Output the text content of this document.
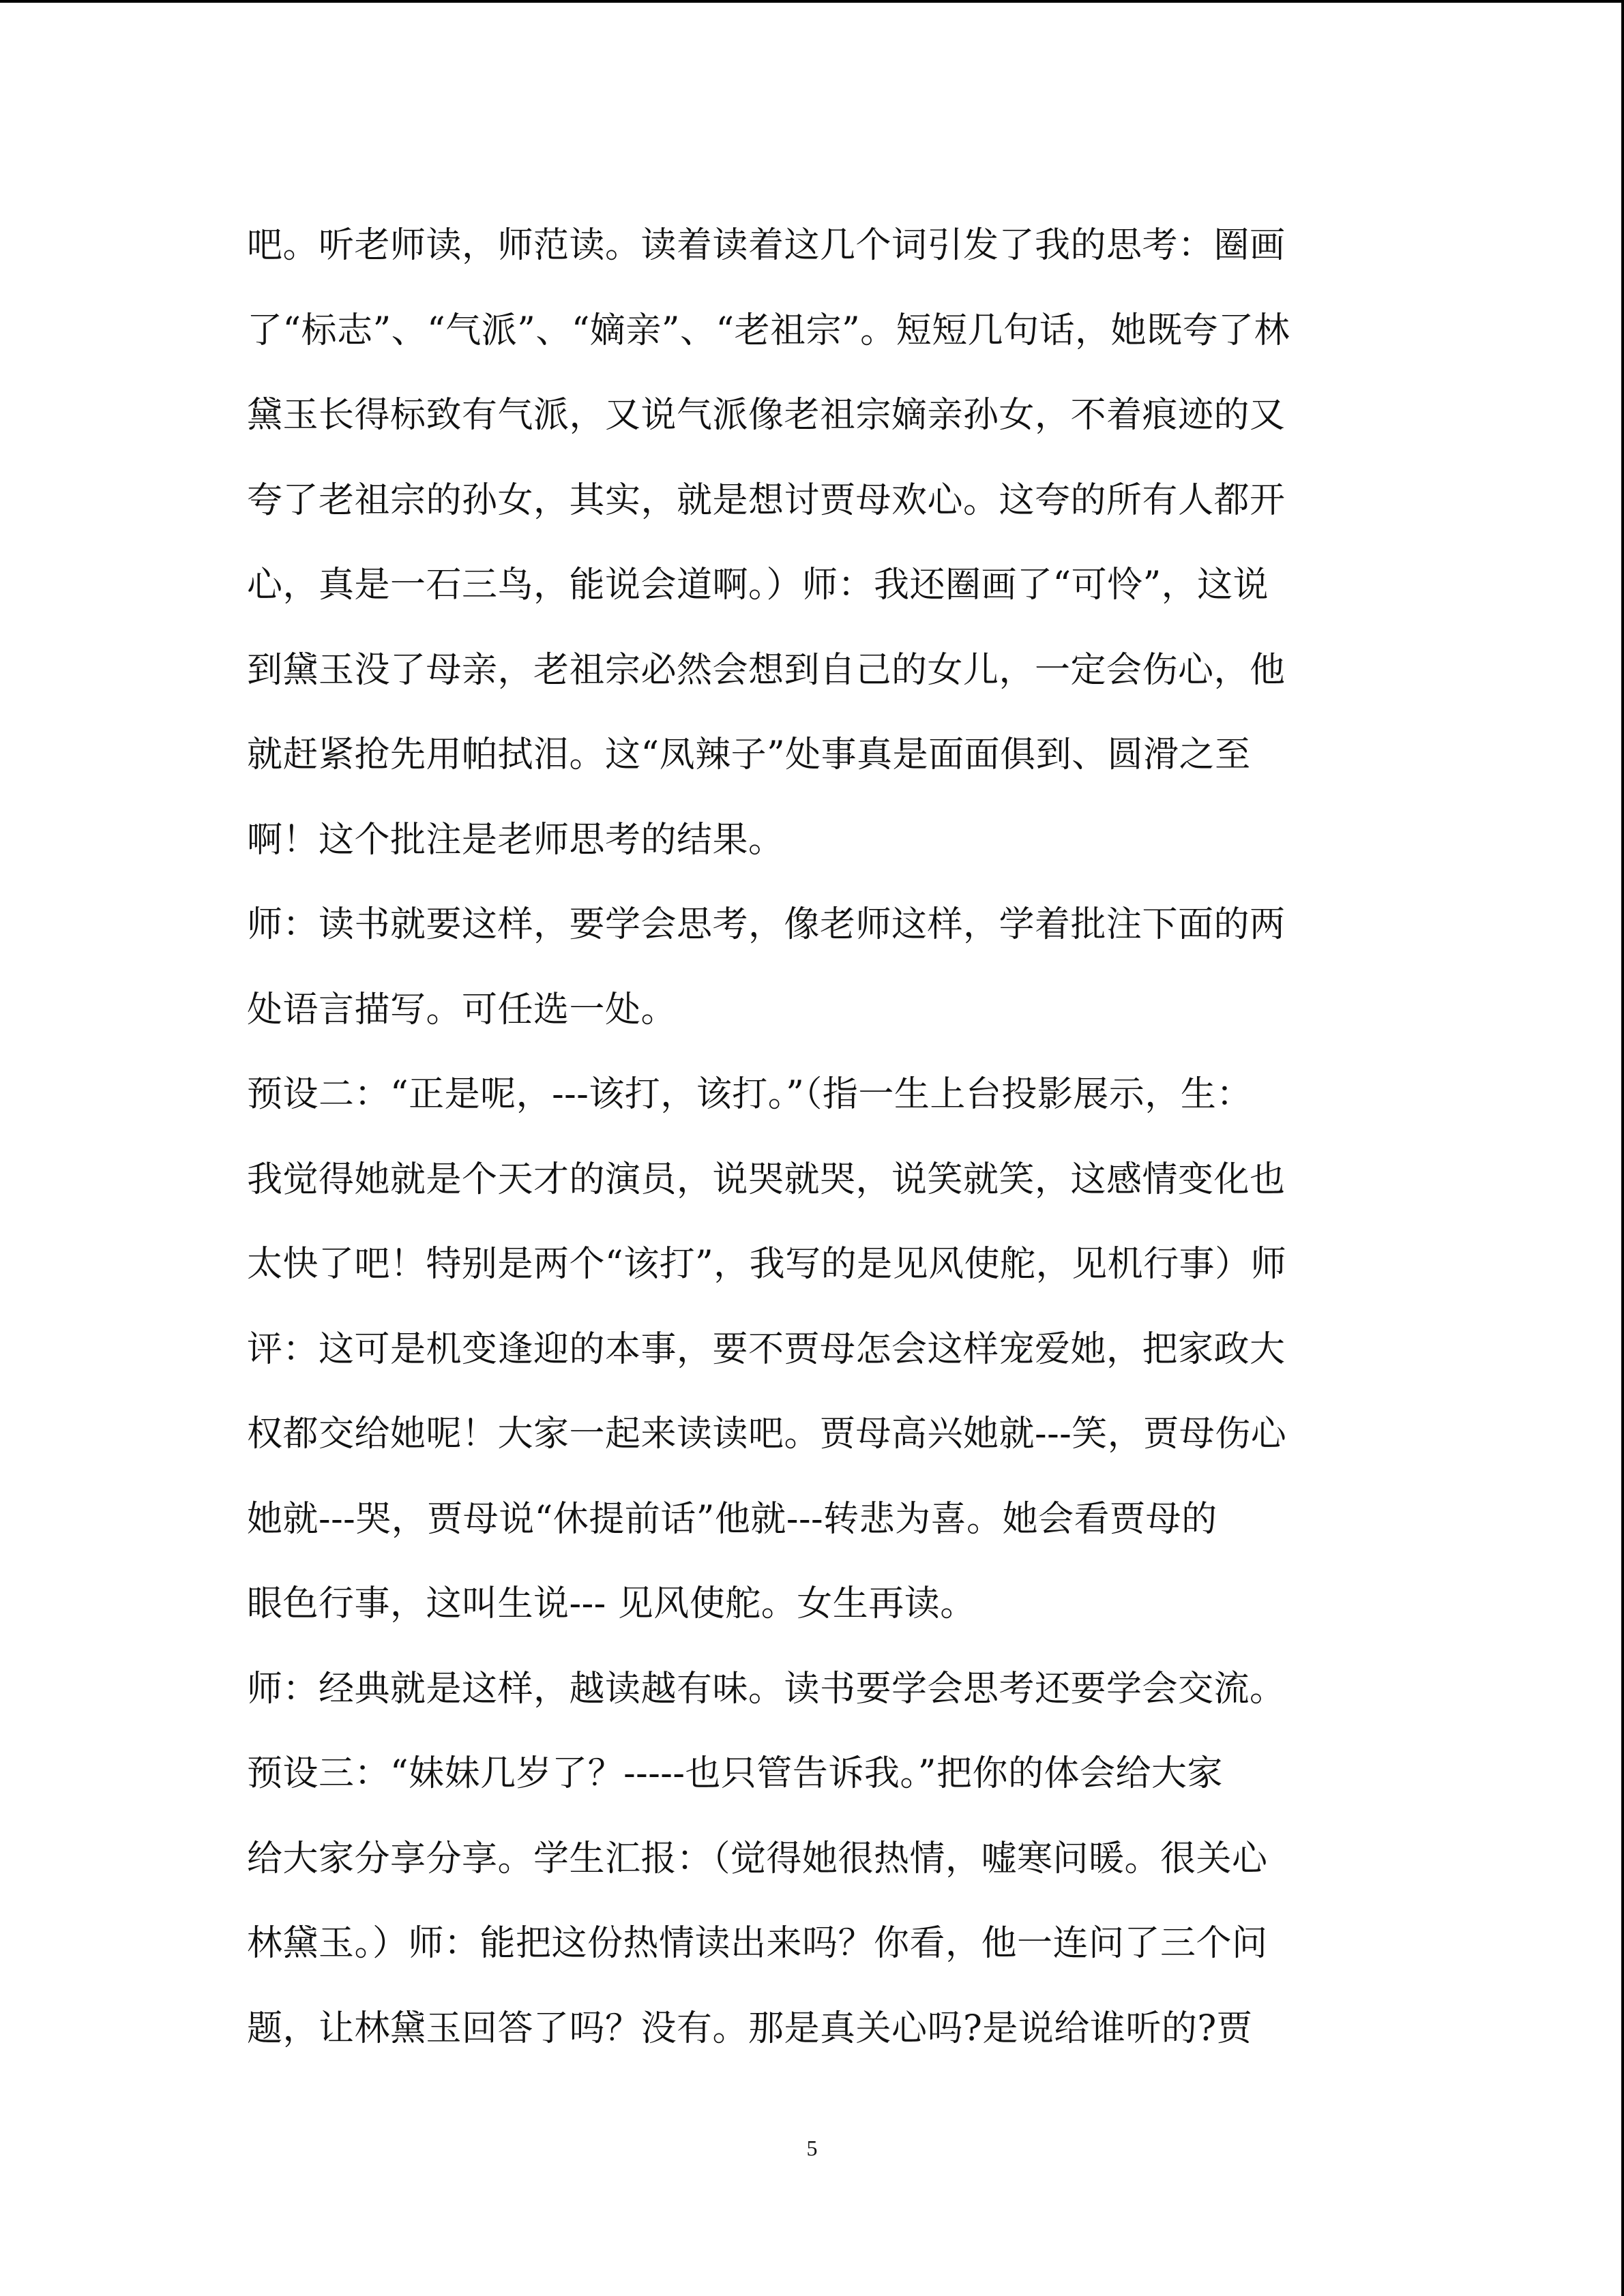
吧。听老师读，师范读。读着读着这几个词引发了我的思考：圈画
了“标志”、“气派”、“嫡亲”、“老祖宗”。短短几句话，她既夸了林
黛玉长得标致有气派，又说气派像老祖宗嫡亲孙女，不着痕迹的又
夸了老祖宗的孙女，其实，就是想讨贾母欢心。这夸的所有人都开
心，真是一石三鸟，能说会道啊。）师：我还圈画了“可怜”，这说
到黛玉没了母亲，老祖宗必然会想到自己的女儿，一定会伤心，他
就赶紧抢先用帕拭泪。这“凤辣子”处事真是面面俱到、圆滑之至
啊！这个批注是老师思考的结果。
师：读书就要这样，要学会思考，像老师这样，学着批注下面的两
处语言描写。可任选一处。
预设二：“正是呢，---该打，该打。”（指一生上台投影展示，生：
我觉得她就是个天才的演员，说哭就哭，说笑就笑，这感情变化也
太快了吧！特别是两个“该打”，我写的是见风使舵，见机行事）师
评：这可是机变逢迎的本事，要不贾母怎会这样宠爱她，把家政大
权都交给她呢！大家一起来读读吧。贾母高兴她就---笑，贾母伤心
她就---哭，贾母说“休提前话”他就---转悲为喜。她会看贾母的
眼色行事，这叫生说--- 见风使舵。女生再读。
师：经典就是这样，越读越有味。读书要学会思考还要学会交流。
预设三：“妹妹几岁了？-----也只管告诉我。”把你的体会给大家
给大家分享分享。学生汇报：（觉得她很热情，嘘寒问暖。很关心
林黛玉。）师：能把这份热情读出来吗？你看，他一连问了三个问
题，让林黛玉回答了吗？没有。那是真关心吗?是说给谁听的?贾
5
